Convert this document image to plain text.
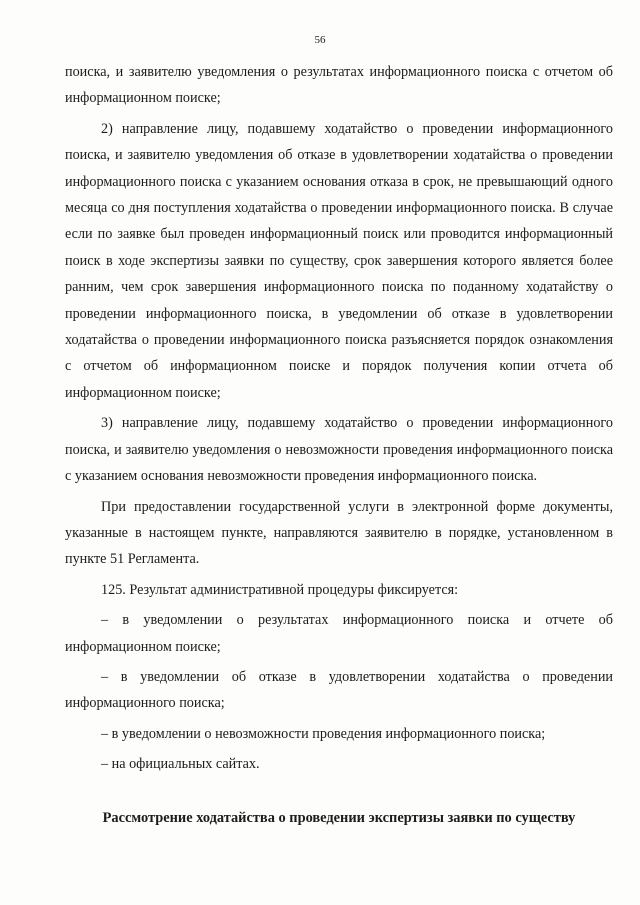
56

поиска, и заявителю уведомления о результатах информационного поиска с отчетом об информационном поиске;

2) направление лицу, подавшему ходатайство о проведении информационного поиска, и заявителю уведомления об отказе в удовлетворении ходатайства о проведении информационного поиска с указанием основания отказа в срок, не превышающий одного месяца со дня поступления ходатайства о проведении информационного поиска. В случае если по заявке был проведен информационный поиск или проводится информационный поиск в ходе экспертизы заявки по существу, срок завершения которого является более ранним, чем срок завершения информационного поиска по поданному ходатайству о проведении информационного поиска, в уведомлении об отказе в удовлетворении ходатайства о проведении информационного поиска разъясняется порядок ознакомления с отчетом об информационном поиске и порядок получения копии отчета об информационном поиске;

3) направление лицу, подавшему ходатайство о проведении информационного поиска, и заявителю уведомления о невозможности проведения информационного поиска с указанием основания невозможности проведения информационного поиска.

При предоставлении государственной услуги в электронной форме документы, указанные в настоящем пункте, направляются заявителю в порядке, установленном в пункте 51 Регламента.

125. Результат административной процедуры фиксируется:

– в уведомлении о результатах информационного поиска и отчете об информационном поиске;

– в уведомлении об отказе в удовлетворении ходатайства о проведении информационного поиска;

– в уведомлении о невозможности проведения информационного поиска;

– на официальных сайтах.

Рассмотрение ходатайства о проведении экспертизы заявки по существу
